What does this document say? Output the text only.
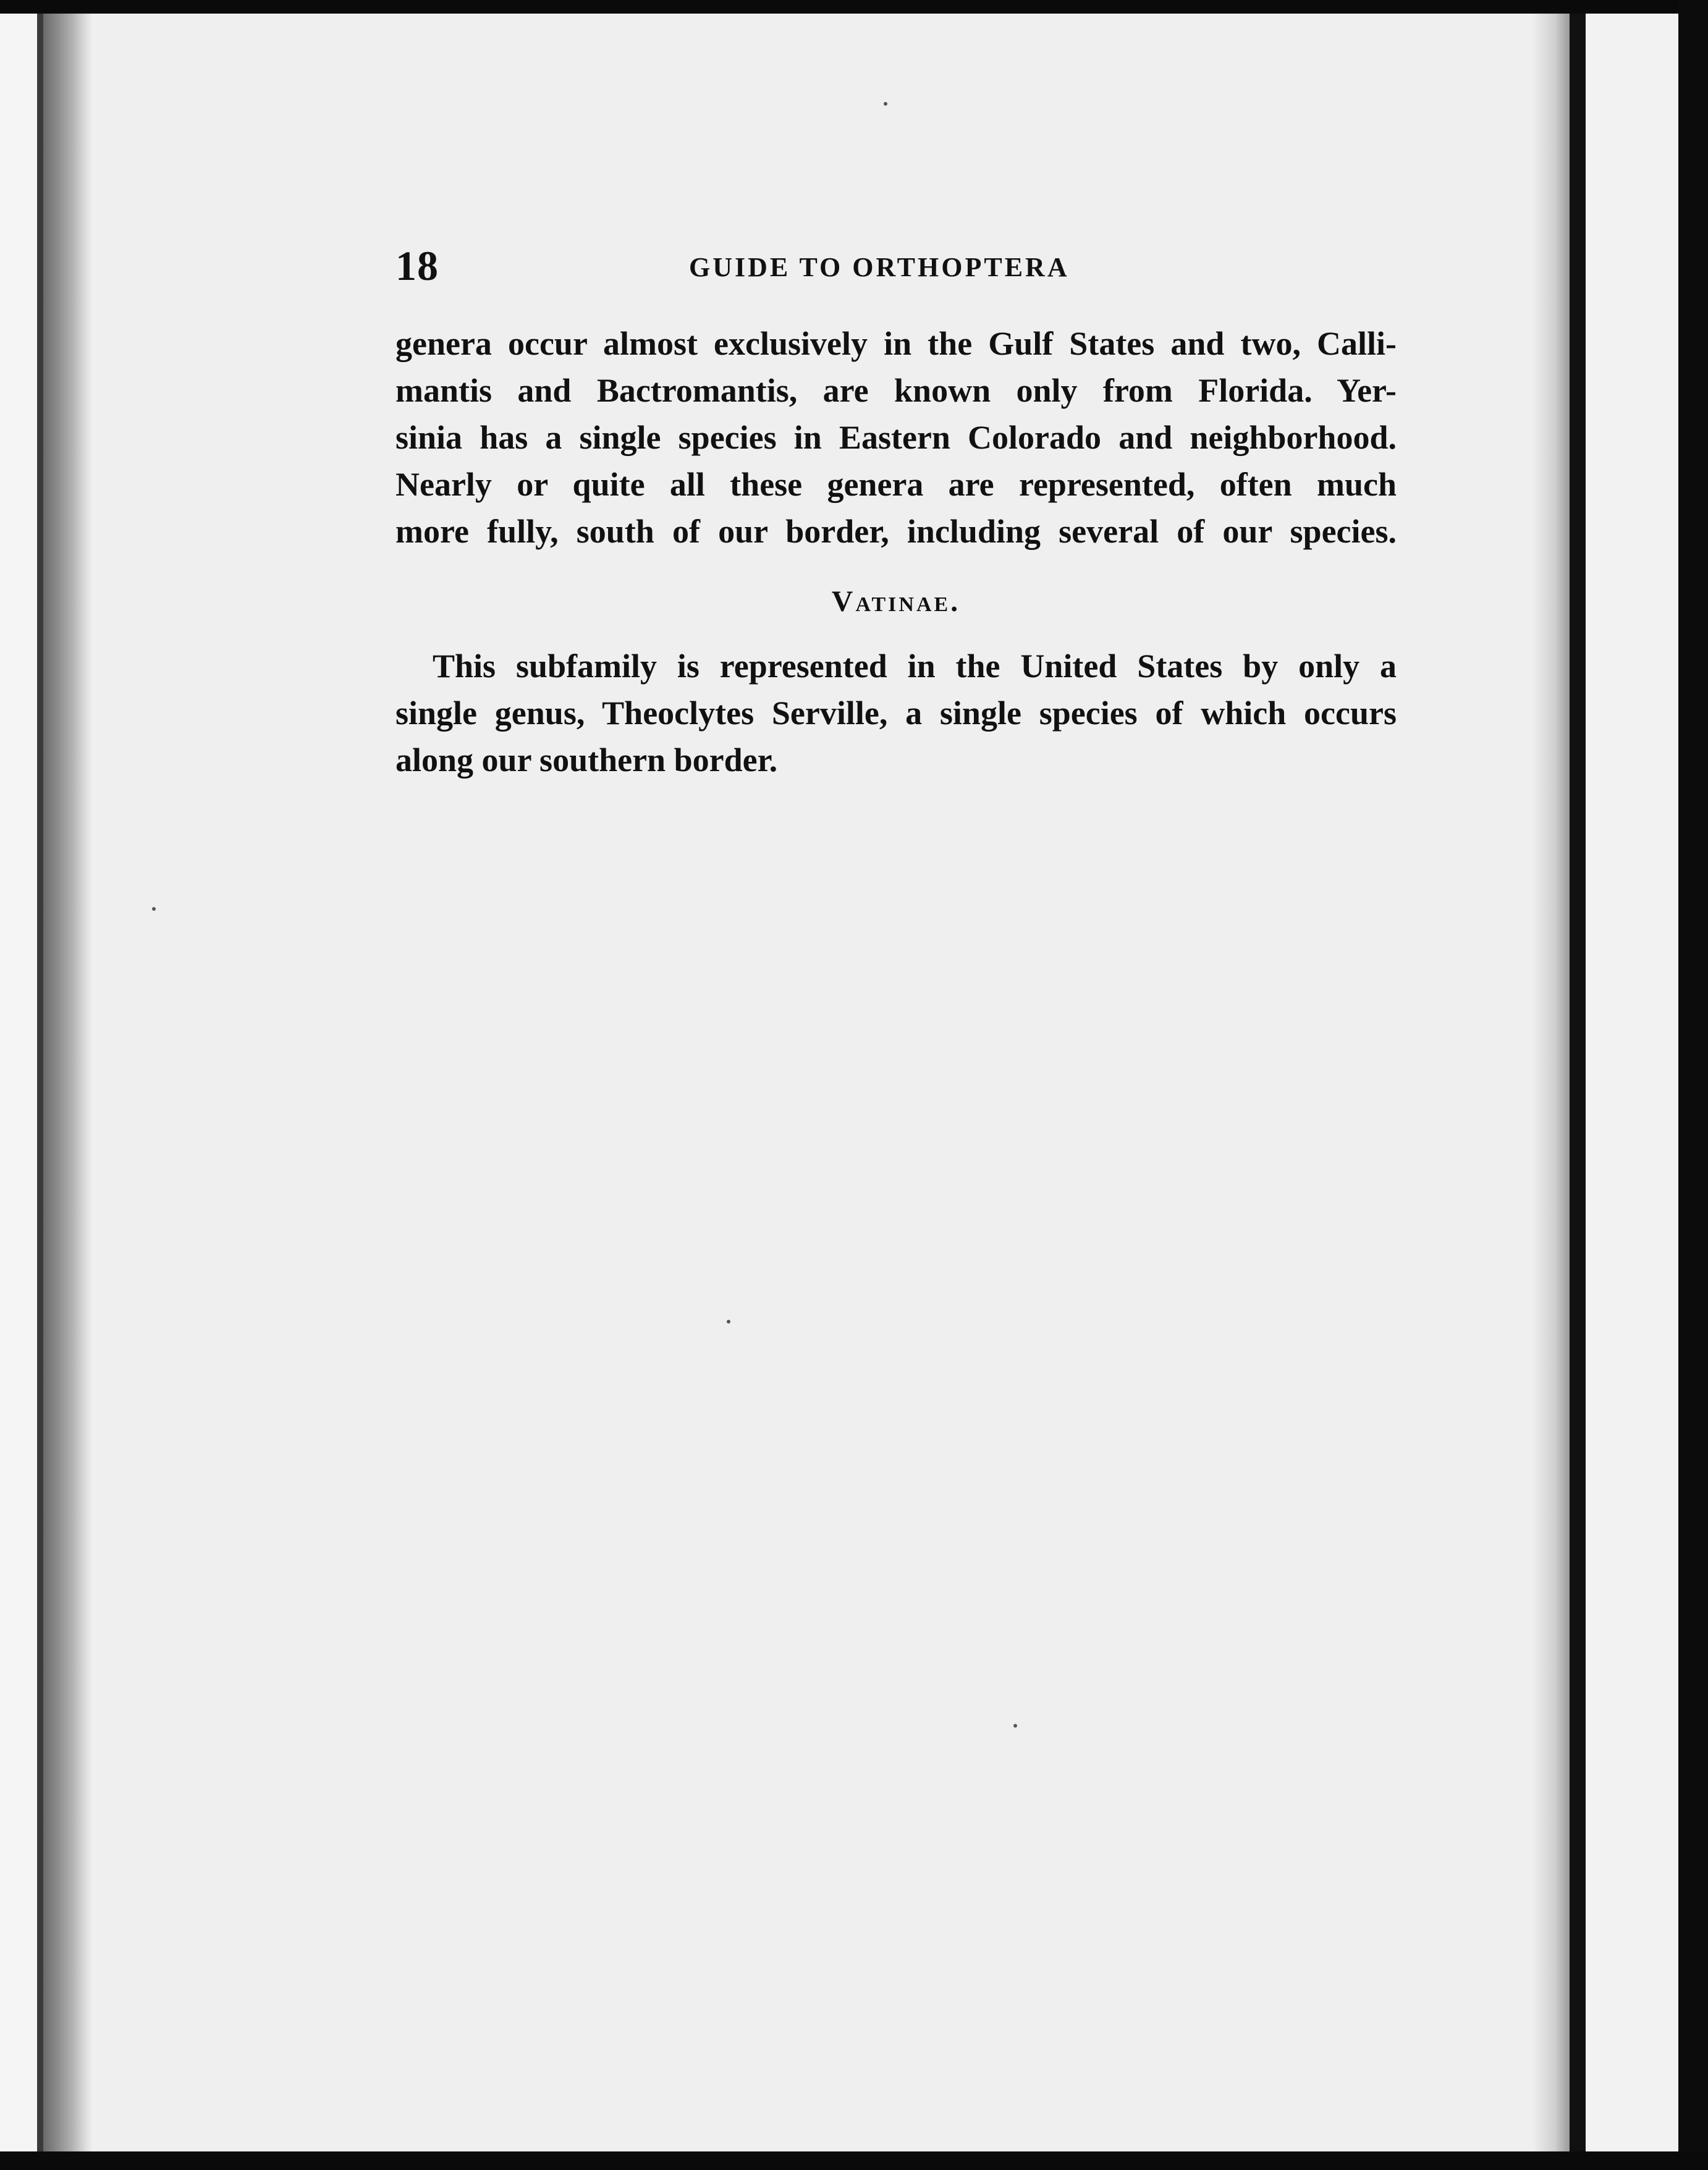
18	GUIDE TO ORTHOPTERA
genera occur almost exclusively in the Gulf States and two, Calli-
mantis and Bactromantis, are known only from Florida. Yer-
sinia has a single species in Eastern Colorado and neighborhood.
Nearly or quite all these genera are represented, often much
more fully, south of our border, including several of our species.
Vatinae.
This subfamily is represented in the United States by only a
single genus, Theoclytes Serville, a single species of which occurs
along our southern border.
